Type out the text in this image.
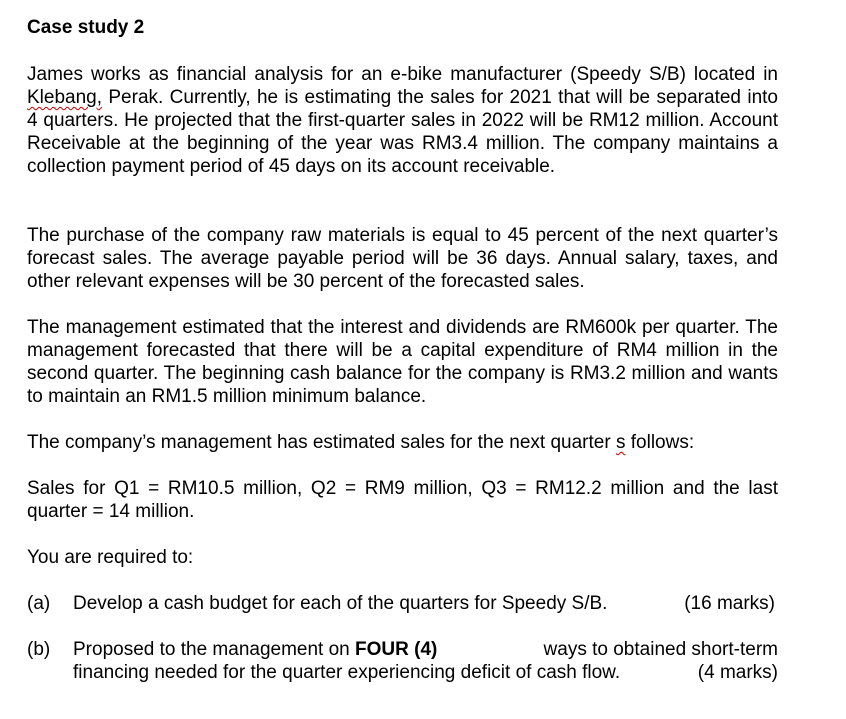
Case study 2

James works as financial analysis for an e-bike manufacturer (Speedy S/B) located in Klebang, Perak. Currently, he is estimating the sales for 2021 that will be separated into 4 quarters. He projected that the first-quarter sales in 2022 will be RM12 million. Account Receivable at the beginning of the year was RM3.4 million. The company maintains a collection payment period of 45 days on its account receivable.

The purchase of the company raw materials is equal to 45 percent of the next quarter’s forecast sales. The average payable period will be 36 days. Annual salary, taxes, and other relevant expenses will be 30 percent of the forecasted sales.

The management estimated that the interest and dividends are RM600k per quarter. The management forecasted that there will be a capital expenditure of RM4 million in the second quarter. The beginning cash balance for the company is RM3.2 million and wants to maintain an RM1.5 million minimum balance.

The company’s management has estimated sales for the next quarter s follows:

Sales for Q1 = RM10.5 million, Q2 = RM9 million, Q3 = RM12.2 million and the last quarter = 14 million.

You are required to:

(a) Develop a cash budget for each of the quarters for Speedy S/B.	(16 marks)
(b) Proposed to the management on FOUR (4)	ways to obtained short-term
financing needed for the quarter experiencing deficit of cash flow.	(4 marks)
